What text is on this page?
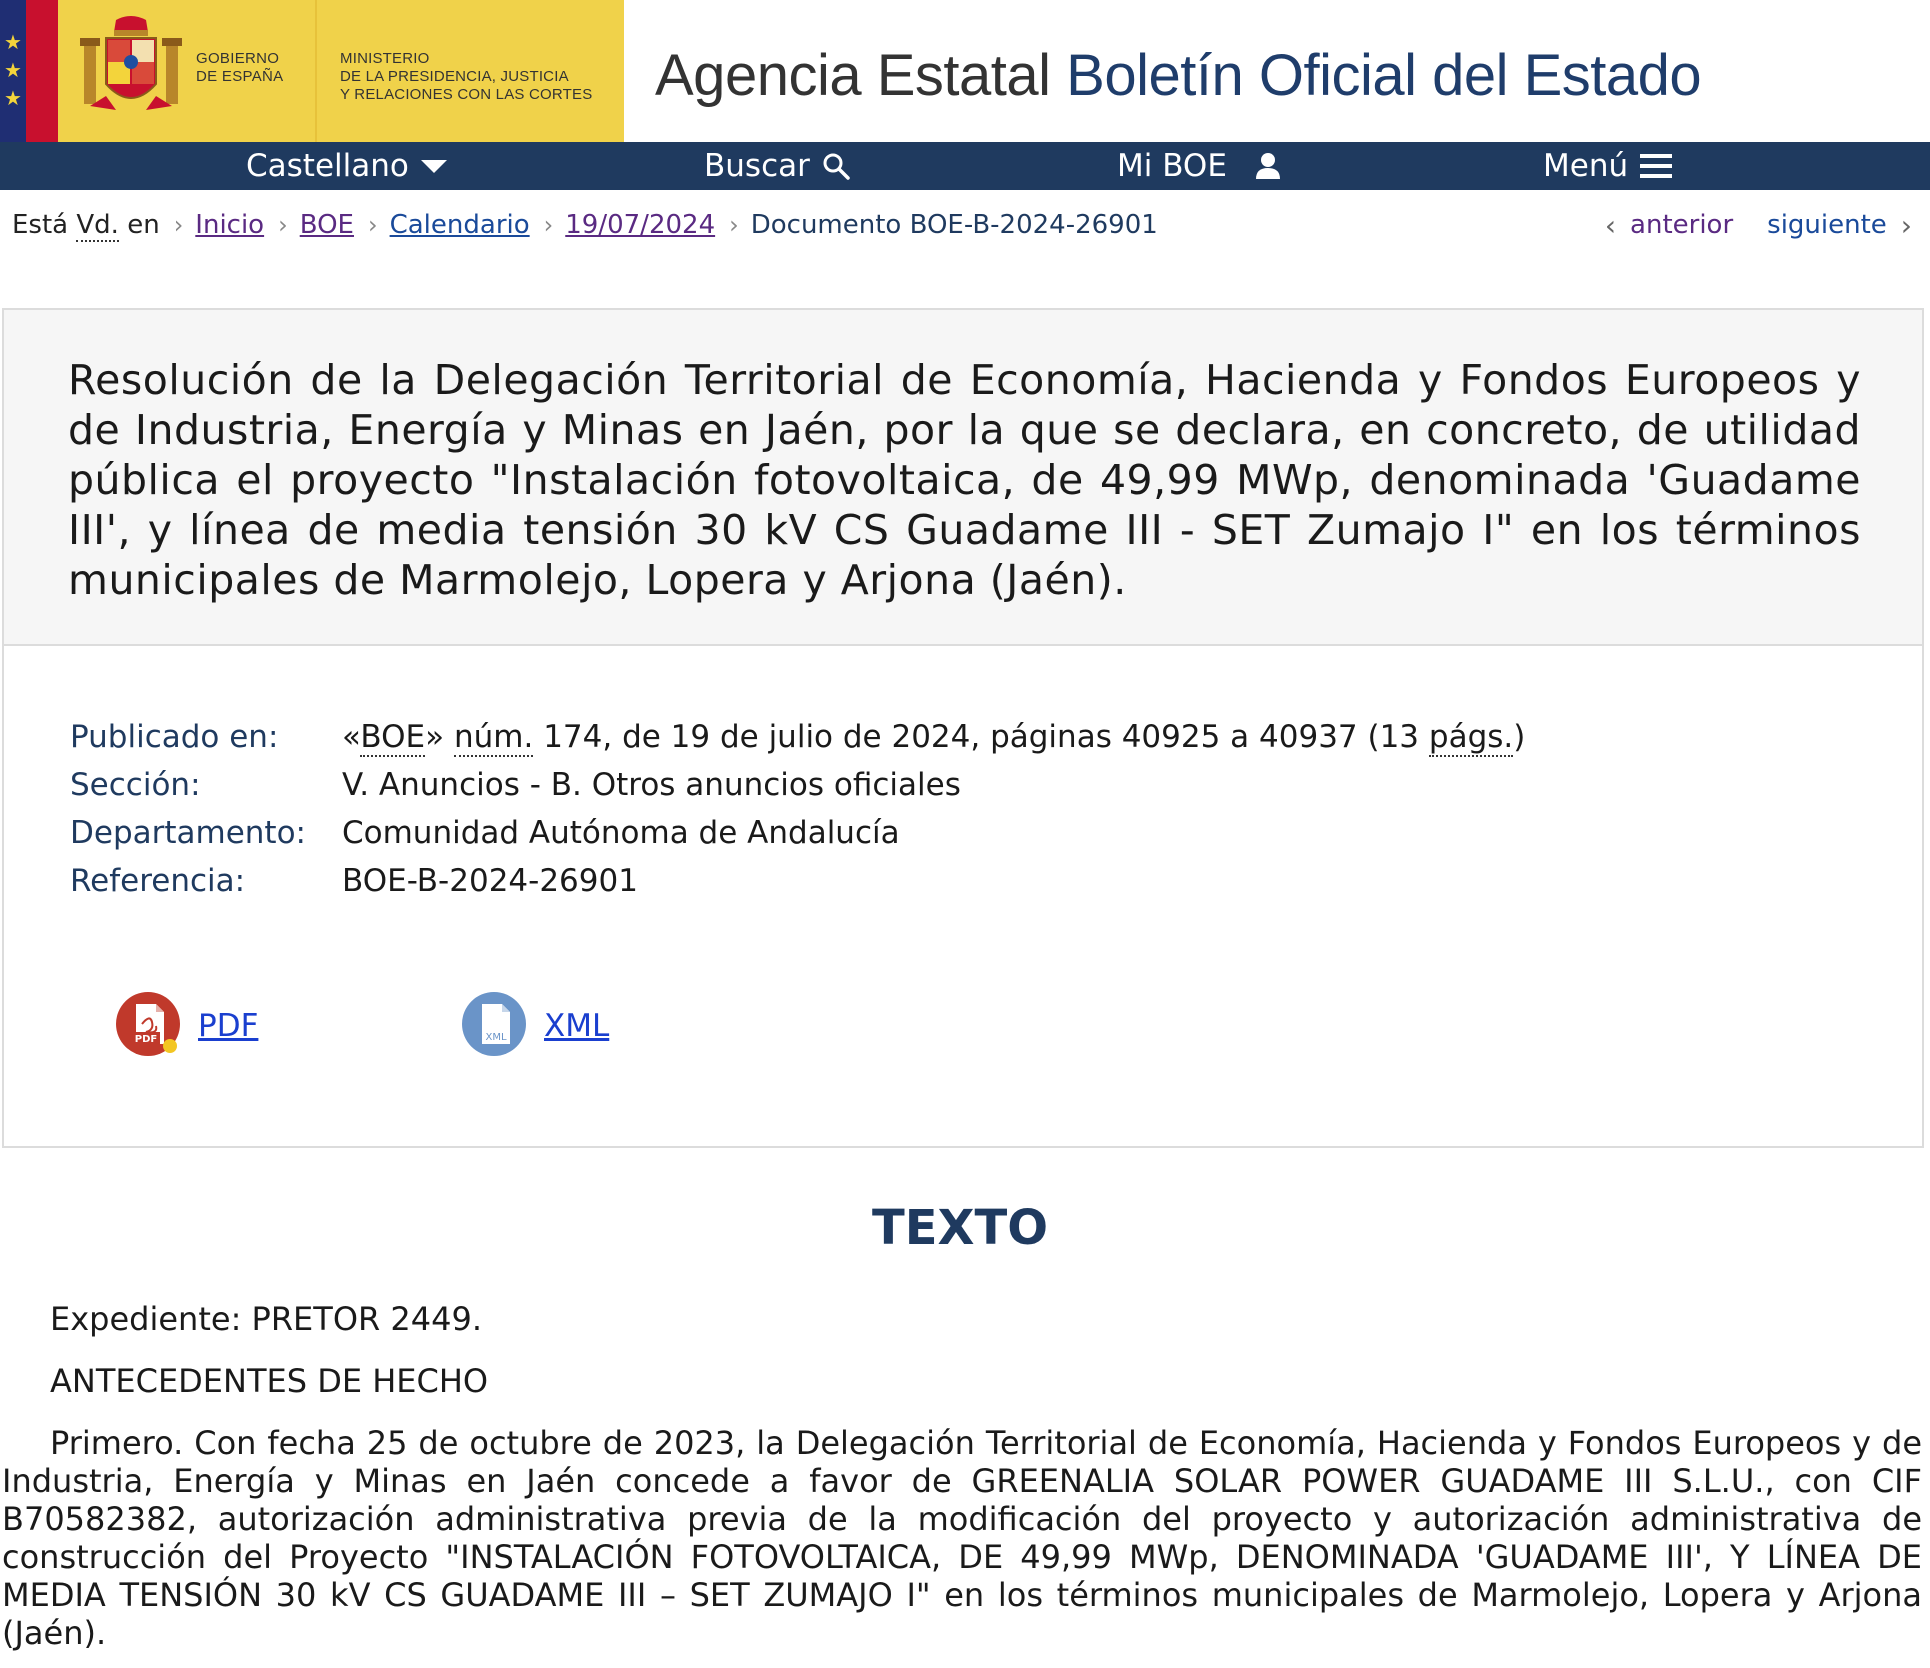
★
★
★
GOBIERNO
DE ESPAÑA
MINISTERIO
DE LA PRESIDENCIA, JUSTICIA
Y RELACIONES CON LAS CORTES Agencia Estatal Boletín Oficial del Estado
Castellano	Buscar	Mi BOE	Menú
Está Vd. en › Inicio › BOE › Calendario › 19/07/2024 › Documento BOE-B-2024-26901	‹ anterior siguiente ›
Resolución de la Delegación Territorial de Economía, Hacienda y Fondos Europeos y de Industria, Energía y Minas en Jaén, por la que se declara, en concreto, de utilidad pública el proyecto "Instalación fotovoltaica, de 49,99 MWp, denominada 'Guadame III', y línea de media tensión 30 kV CS Guadame III - SET Zumajo I" en los términos municipales de Marmolejo, Lopera y Arjona (Jaén).
Publicado en:	«BOE» núm. 174, de 19 de julio de 2024, páginas 40925 a 40937 (13 págs.)
Sección:	V. Anuncios - B. Otros anuncios oficiales
Departamento:	Comunidad Autónoma de Andalucía
Referencia:	BOE-B-2024-26901
PDF PDF	XML XML
TEXTO

Expediente: PRETOR 2449.

ANTECEDENTES DE HECHO

Primero. Con fecha 25 de octubre de 2023, la Delegación Territorial de Economía, Hacienda y Fondos Europeos y de Industria, Energía y Minas en Jaén concede a favor de GREENALIA SOLAR POWER GUADAME III S.L.U., con CIF B70582382, autorización administrativa previa de la modificación del proyecto y autorización administrativa de construcción del Proyecto "INSTALACIÓN FOTOVOLTAICA, DE 49,99 MWp, DENOMINADA 'GUADAME III', Y LÍNEA DE MEDIA TENSIÓN 30 kV CS GUADAME III – SET ZUMAJO I" en los términos municipales de Marmolejo, Lopera y Arjona (Jaén).
